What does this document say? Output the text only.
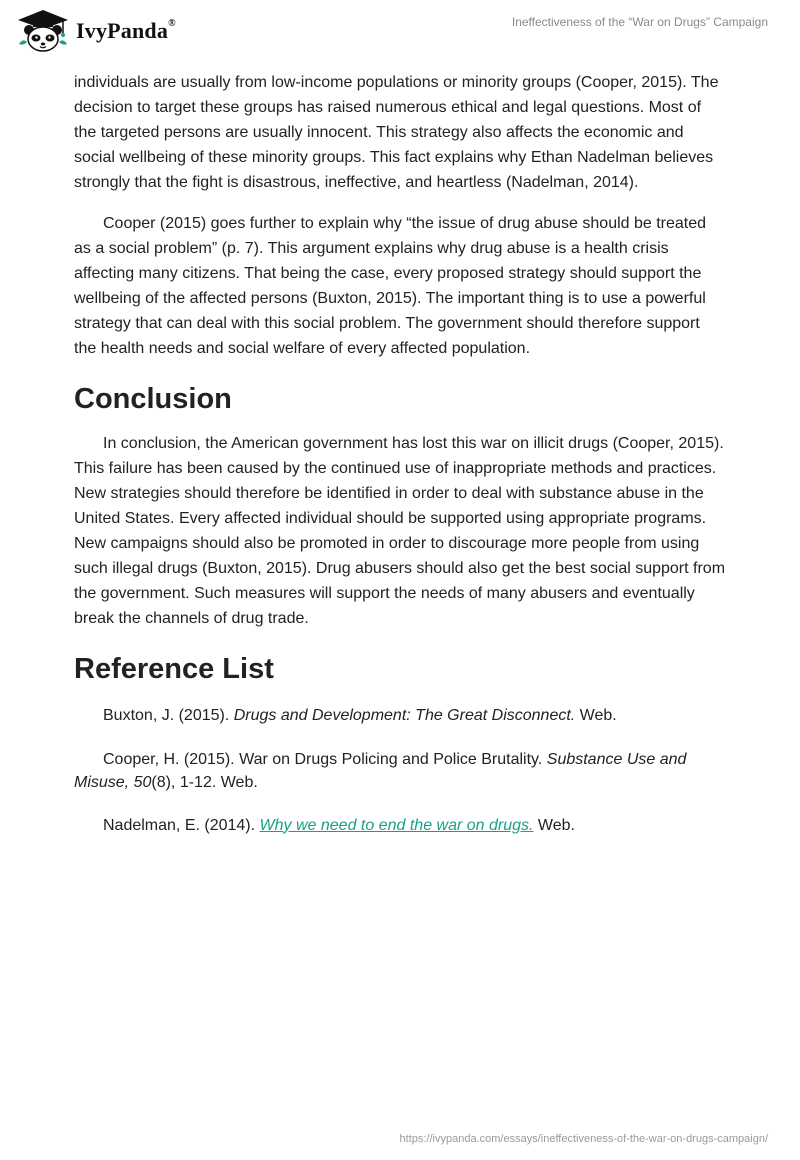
IvyPanda®	Ineffectiveness of the “War on Drugs” Campaign

individuals are usually from low-income populations or minority groups (Cooper, 2015). The decision to target these groups has raised numerous ethical and legal questions. Most of the targeted persons are usually innocent. This strategy also affects the economic and social wellbeing of these minority groups. This fact explains why Ethan Nadelman believes strongly that the fight is disastrous, ineffective, and heartless (Nadelman, 2014).

Cooper (2015) goes further to explain why “the issue of drug abuse should be treated as a social problem” (p. 7). This argument explains why drug abuse is a health crisis affecting many citizens. That being the case, every proposed strategy should support the wellbeing of the affected persons (Buxton, 2015). The important thing is to use a powerful strategy that can deal with this social problem. The government should therefore support the health needs and social welfare of every affected population.

Conclusion

In conclusion, the American government has lost this war on illicit drugs (Cooper, 2015). This failure has been caused by the continued use of inappropriate methods and practices. New strategies should therefore be identified in order to deal with substance abuse in the United States. Every affected individual should be supported using appropriate programs. New campaigns should also be promoted in order to discourage more people from using such illegal drugs (Buxton, 2015). Drug abusers should also get the best social support from the government. Such measures will support the needs of many abusers and eventually break the channels of drug trade.

Reference List

Buxton, J. (2015). Drugs and Development: The Great Disconnect. Web.

Cooper, H. (2015). War on Drugs Policing and Police Brutality. Substance Use and Misuse, 50(8), 1-12. Web.

Nadelman, E. (2014). Why we need to end the war on drugs. Web.

https://ivypanda.com/essays/ineffectiveness-of-the-war-on-drugs-campaign/
